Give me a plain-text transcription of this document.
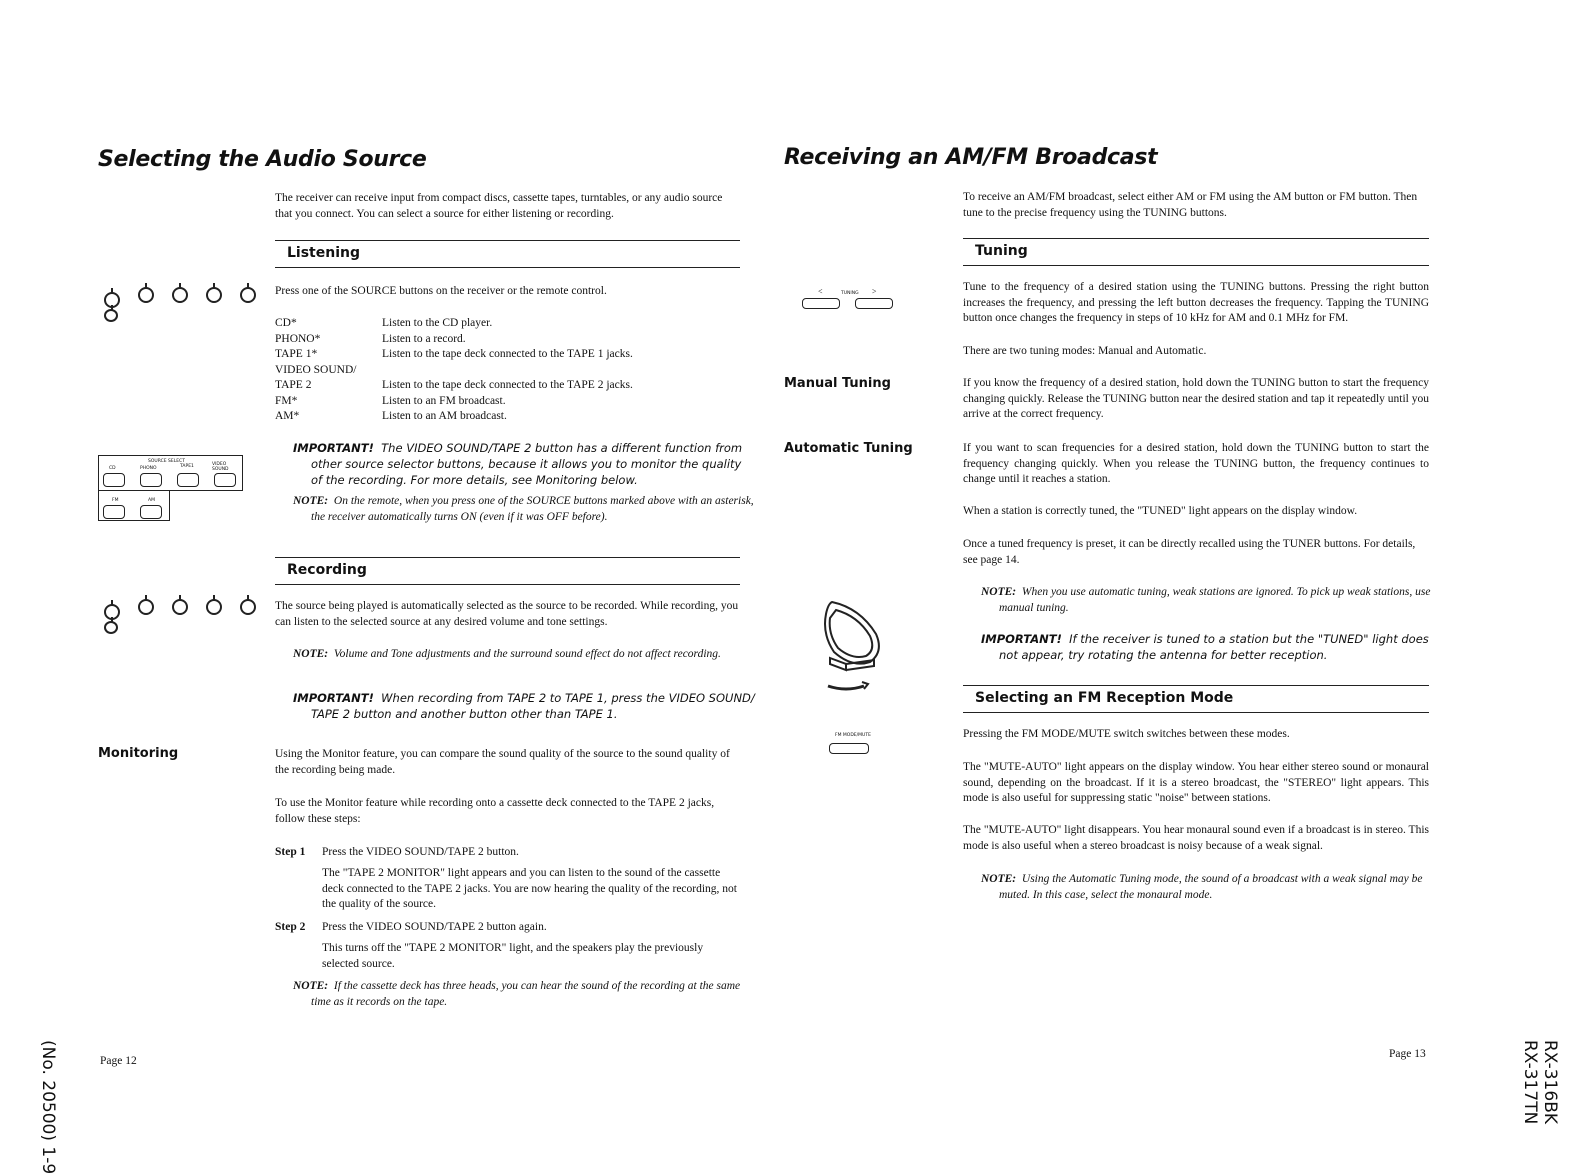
Selecting the Audio Source
The receiver can receive input from compact discs, cassette tapes, turntables, or any audio source that you connect. You can select a source for either listening or recording.
Listening
Press one of the SOURCE buttons on the receiver or the remote control.
CD*	Listen to the CD player.
PHONO*	Listen to a record.
TAPE 1*	Listen to the tape deck connected to the TAPE 1 jacks.
VIDEO SOUND/
TAPE 2	Listen to the tape deck connected to the TAPE 2 jacks.
FM*	Listen to an FM broadcast.
AM*	Listen to an AM broadcast.
IMPORTANT! The VIDEO SOUND/TAPE 2 button has a different function from other source selector buttons, because it allows you to monitor the quality of the recording. For more details, see Monitoring below.
NOTE: On the remote, when you press one of the SOURCE buttons marked above with an asterisk, the receiver automatically turns ON (even if it was OFF before).
SOURCE SELECT
CD	PHONO	TAPE1	VIDEO SOUND
FM	AM
Recording
The source being played is automatically selected as the source to be recorded. While recording, you can listen to the selected source at any desired volume and tone settings.
NOTE: Volume and Tone adjustments and the surround sound effect do not affect recording.
IMPORTANT! When recording from TAPE 2 to TAPE 1, press the VIDEO SOUND/ TAPE 2 button and another button other than TAPE 1.
Monitoring	Using the Monitor feature, you can compare the sound quality of the source to the sound quality of the recording being made.
To use the Monitor feature while recording onto a cassette deck connected to the TAPE 2 jacks, follow these steps:
Step 1	Press the VIDEO SOUND/TAPE 2 button.
The "TAPE 2 MONITOR" light appears and you can listen to the sound of the cassette deck connected to the TAPE 2 jacks. You are now hearing the quality of the recording, not the quality of the source.
Step 2	Press the VIDEO SOUND/TAPE 2 button again.
This turns off the "TAPE 2 MONITOR" light, and the speakers play the previously selected source.
NOTE: If the cassette deck has three heads, you can hear the sound of the recording at the same time as it records on the tape.
Page 12
(No. 20500) 1-9
Receiving an AM/FM Broadcast
To receive an AM/FM broadcast, select either AM or FM using the AM button or FM button. Then tune to the precise frequency using the TUNING buttons.
Tuning
TUNING
<	>	Tune to the frequency of a desired station using the TUNING buttons. Pressing the right button increases the frequency, and pressing the left button decreases the frequency. Tapping the TUNING button once changes the frequency in steps of 10 kHz for AM and 0.1 MHz for FM.
There are two tuning modes: Manual and Automatic.
Manual Tuning	If you know the frequency of a desired station, hold down the TUNING button to start the frequency changing quickly. Release the TUNING button near the desired station and tap it repeatedly until you arrive at the correct frequency.
Automatic Tuning	If you want to scan frequencies for a desired station, hold down the TUNING button to start the frequency changing quickly. When you release the TUNING button, the frequency continues to change until it reaches a station.
When a station is correctly tuned, the "TUNED" light appears on the display window.
Once a tuned frequency is preset, it can be directly recalled using the TUNER buttons. For details, see page 14.
NOTE: When you use automatic tuning, weak stations are ignored. To pick up weak stations, use manual tuning.
IMPORTANT! If the receiver is tuned to a station but the "TUNED" light does not appear, try rotating the antenna for better reception.
Selecting an FM Reception Mode
FM MODE/MUTE	Pressing the FM MODE/MUTE switch switches between these modes.
The "MUTE-AUTO" light appears on the display window. You hear either stereo sound or monaural sound, depending on the broadcast. If it is a stereo broadcast, the "STEREO" light appears. This mode is also useful for suppressing static "noise" between stations.
The "MUTE-AUTO" light disappears. You hear monaural sound even if a broadcast is in stereo. This mode is also useful when a stereo broadcast is noisy because of a weak signal.
NOTE: Using the Automatic Tuning mode, the sound of a broadcast with a weak signal may be muted. In this case, select the monaural mode.
Page 13	RX-316BK
RX-317TN
